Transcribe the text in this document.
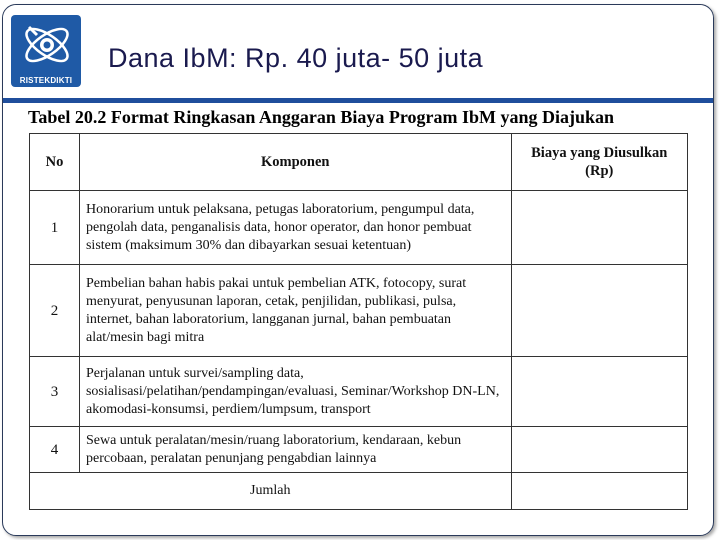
RISTEKDIKTI
Dana IbM: Rp. 40 juta- 50 juta
Tabel 20.2 Format Ringkasan Anggaran Biaya Program IbM yang Diajukan
No	Komponen	Biaya yang Diusulkan (Rp)
1	Honorarium untuk pelaksana, petugas laboratorium, pengumpul data, pengolah data, penganalisis data, honor operator, dan honor pembuat sistem (maksimum 30% dan dibayarkan sesuai ketentuan)	
2	Pembelian bahan habis pakai untuk pembelian ATK, fotocopy, surat menyurat, penyusunan laporan, cetak, penjilidan, publikasi, pulsa, internet, bahan laboratorium, langganan jurnal, bahan pembuatan alat/mesin bagi mitra	
3	Perjalanan untuk survei/sampling data, sosialisasi/pelatihan/pendampingan/evaluasi, Seminar/Workshop DN-LN, akomodasi-konsumsi, perdiem/lumpsum, transport	
4	Sewa untuk peralatan/mesin/ruang laboratorium, kendaraan, kebun percobaan, peralatan penunjang pengabdian lainnya	
Jumlah		
